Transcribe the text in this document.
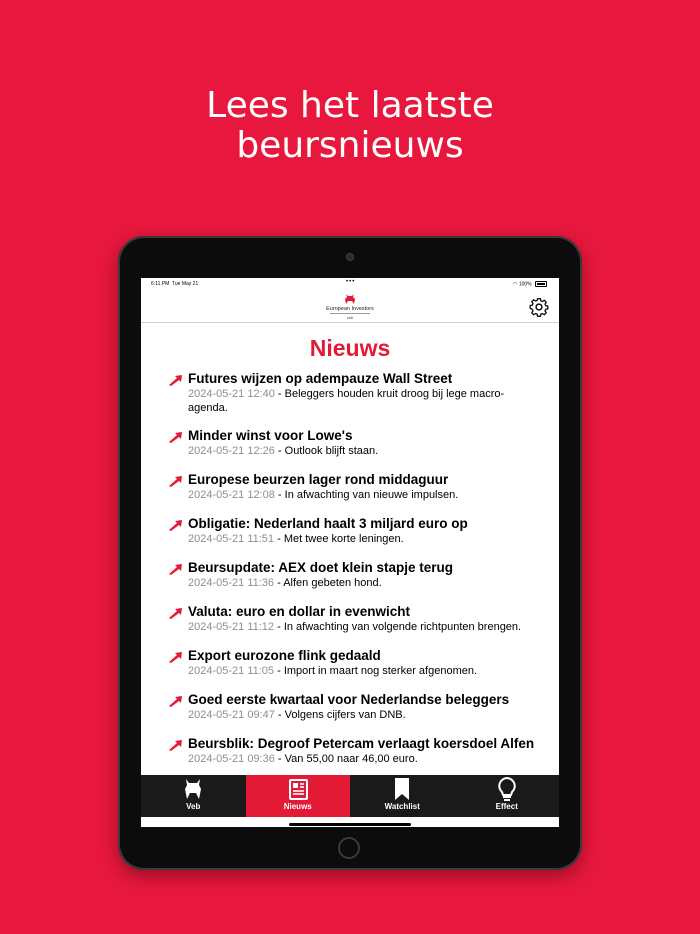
Lees het laatste
beursnieuws
6:11 PM Tue May 21	•••	◠ 100%
European Investors
veb
Nieuws
Futures wijzen op adempauze Wall Street
2024-05-21 12:40 - Beleggers houden kruit droog bij lege macro-
agenda.
Minder winst voor Lowe's
2024-05-21 12:26 - Outlook blijft staan.
Europese beurzen lager rond middaguur
2024-05-21 12:08 - In afwachting van nieuwe impulsen.
Obligatie: Nederland haalt 3 miljard euro op
2024-05-21 11:51 - Met twee korte leningen.
Beursupdate: AEX doet klein stapje terug
2024-05-21 11:36 - Alfen gebeten hond.
Valuta: euro en dollar in evenwicht
2024-05-21 11:12 - In afwachting van volgende richtpunten brengen.
Export eurozone flink gedaald
2024-05-21 11:05 - Import in maart nog sterker afgenomen.
Goed eerste kwartaal voor Nederlandse beleggers
2024-05-21 09:47 - Volgens cijfers van DNB.
Beursblik: Degroof Petercam verlaagt koersdoel Alfen
2024-05-21 09:36 - Van 55,00 naar 46,00 euro.
Veb	Nieuws	Watchlist	Effect
